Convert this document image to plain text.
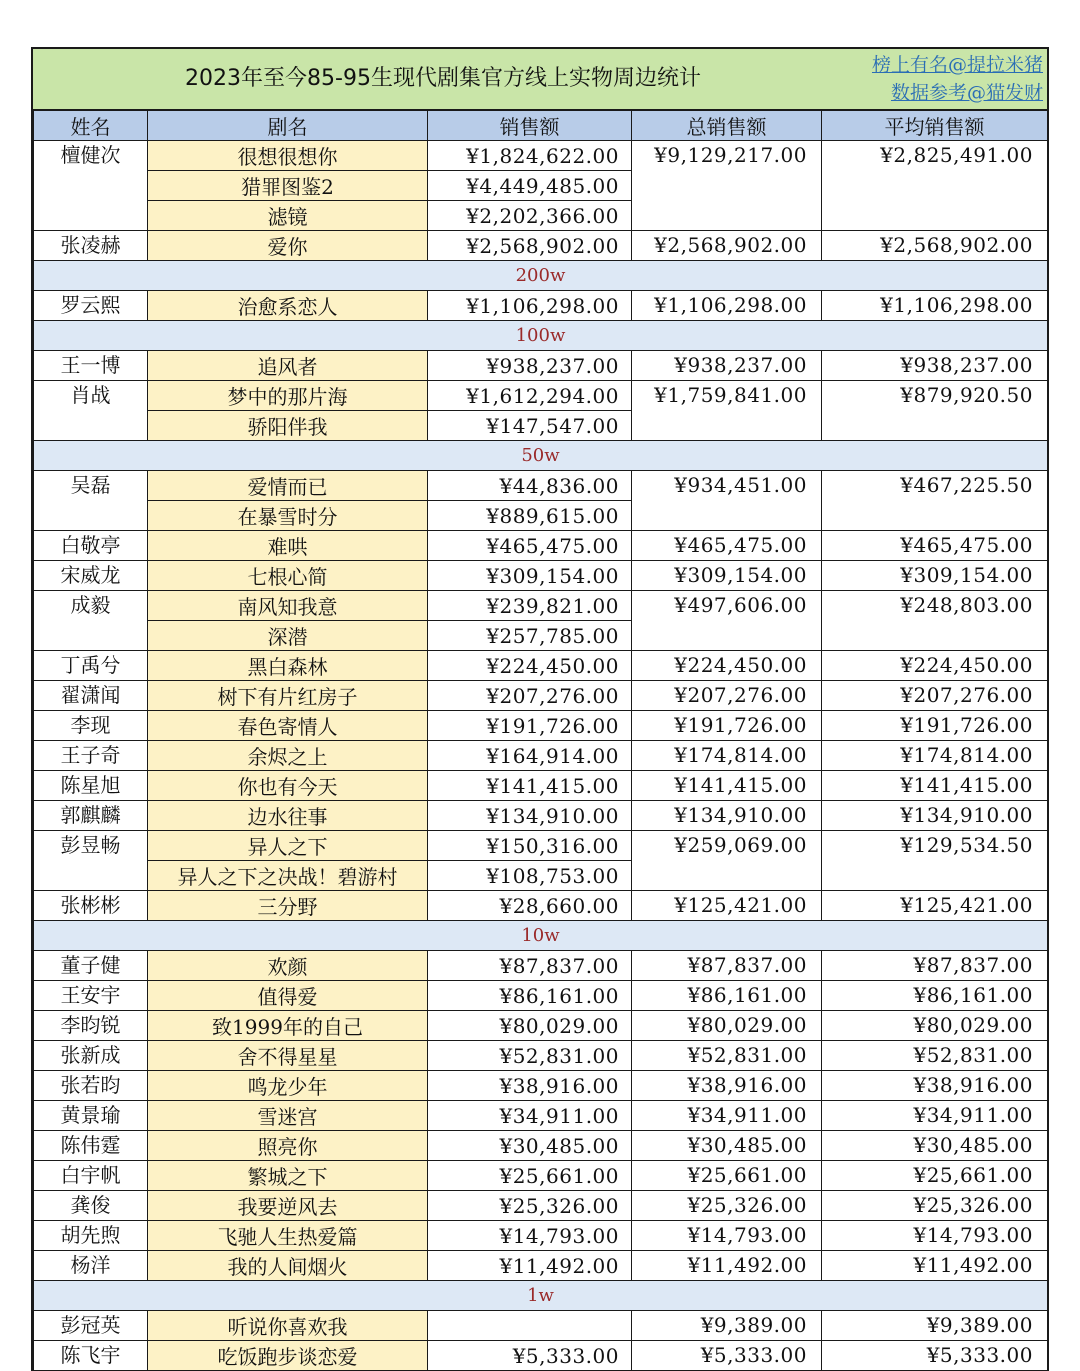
2023年至今85-95生现代剧集官方线上实物周边统计
榜上有名@提拉米猪
数据参考@猫发财
姓名	剧名	销售额	总销售额	平均销售额
檀健次	很想很想你	¥1,824,622.00	¥9,129,217.00	¥2,825,491.00
	猎罪图鉴2	¥4,449,485.00		
	滤镜	¥2,202,366.00		
张凌赫	爱你	¥2,568,902.00	¥2,568,902.00	¥2,568,902.00
200w				
罗云熙	治愈系恋人	¥1,106,298.00	¥1,106,298.00	¥1,106,298.00
100w				
王一博	追风者	¥938,237.00	¥938,237.00	¥938,237.00
肖战	梦中的那片海	¥1,612,294.00	¥1,759,841.00	¥879,920.50
	骄阳伴我	¥147,547.00		
50w				
吴磊	爱情而已	¥44,836.00	¥934,451.00	¥467,225.50
	在暴雪时分	¥889,615.00		
白敬亭	难哄	¥465,475.00	¥465,475.00	¥465,475.00
宋威龙	七根心简	¥309,154.00	¥309,154.00	¥309,154.00
成毅	南风知我意	¥239,821.00	¥497,606.00	¥248,803.00
	深潜	¥257,785.00		
丁禹兮	黑白森林	¥224,450.00	¥224,450.00	¥224,450.00
翟潇闻	树下有片红房子	¥207,276.00	¥207,276.00	¥207,276.00
李现	春色寄情人	¥191,726.00	¥191,726.00	¥191,726.00
王子奇	余烬之上	¥164,914.00	¥174,814.00	¥174,814.00
陈星旭	你也有今天	¥141,415.00	¥141,415.00	¥141,415.00
郭麒麟	边水往事	¥134,910.00	¥134,910.00	¥134,910.00
彭昱畅	异人之下	¥150,316.00	¥259,069.00	¥129,534.50
	异人之下之决战！碧游村	¥108,753.00		
张彬彬	三分野	¥28,660.00	¥125,421.00	¥125,421.00
10w				
董子健	欢颜	¥87,837.00	¥87,837.00	¥87,837.00
王安宇	值得爱	¥86,161.00	¥86,161.00	¥86,161.00
李昀锐	致1999年的自己	¥80,029.00	¥80,029.00	¥80,029.00
张新成	舍不得星星	¥52,831.00	¥52,831.00	¥52,831.00
张若昀	鸣龙少年	¥38,916.00	¥38,916.00	¥38,916.00
黄景瑜	雪迷宫	¥34,911.00	¥34,911.00	¥34,911.00
陈伟霆	照亮你	¥30,485.00	¥30,485.00	¥30,485.00
白宇帆	繁城之下	¥25,661.00	¥25,661.00	¥25,661.00
龚俊	我要逆风去	¥25,326.00	¥25,326.00	¥25,326.00
胡先煦	飞驰人生热爱篇	¥14,793.00	¥14,793.00	¥14,793.00
杨洋	我的人间烟火	¥11,492.00	¥11,492.00	¥11,492.00
1w				
彭冠英	听说你喜欢我		¥9,389.00	¥9,389.00
陈飞宇	吃饭跑步谈恋爱	¥5,333.00	¥5,333.00	¥5,333.00
